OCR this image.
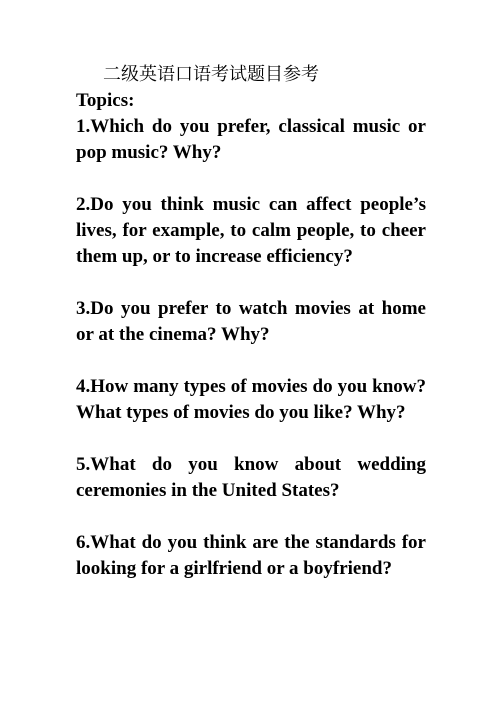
二级英语口语考试题目参考

Topics:

1.Which do you prefer, classical music or pop music? Why?

2.Do you think music can affect people’s lives, for example, to calm people, to cheer them up, or to increase efficiency?

3.Do you prefer to watch movies at home or at the cinema? Why?

4.How many types of movies do you know? What types of movies do you like? Why?

5.What do you know about wedding ceremonies in the United States?

6.What do you think are the standards for looking for a girlfriend or a boyfriend?
